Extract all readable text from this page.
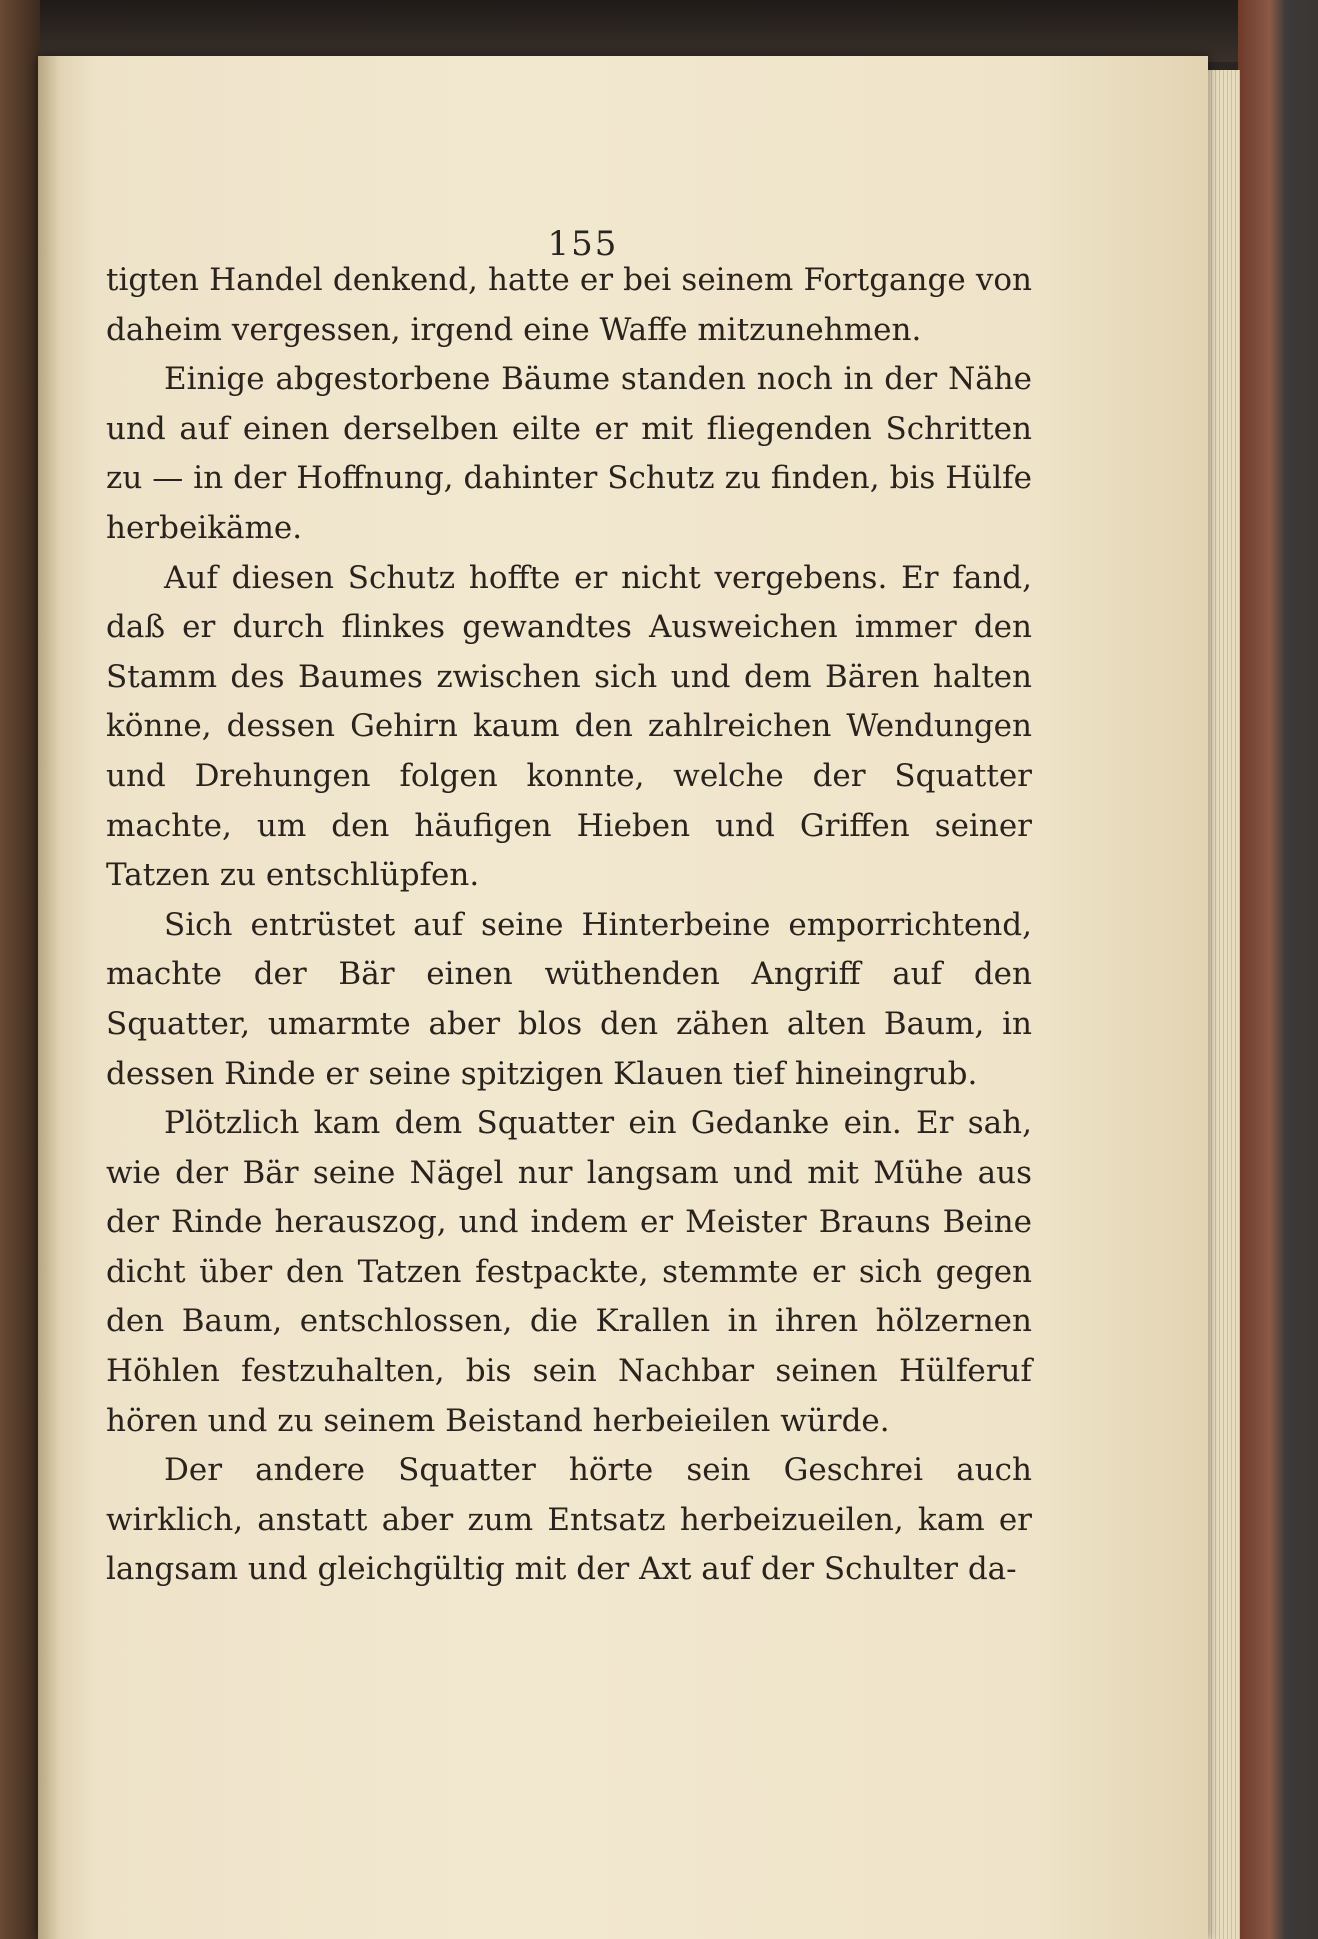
155

tigten Handel denkend, hatte er bei seinem Fortgange von daheim vergessen, irgend eine Waffe mitzunehmen.

Einige abgestorbene Bäume standen noch in der Nähe und auf einen derselben eilte er mit fliegenden Schritten zu — in der Hoffnung, dahinter Schutz zu finden, bis Hülfe herbeikäme.

Auf diesen Schutz hoffte er nicht vergebens. Er fand, daß er durch flinkes gewandtes Ausweichen immer den Stamm des Baumes zwischen sich und dem Bären halten könne, dessen Gehirn kaum den zahlreichen Wendungen und Drehungen folgen konnte, welche der Squatter machte, um den häufigen Hieben und Griffen seiner Tatzen zu entschlüpfen.

Sich entrüstet auf seine Hinterbeine emporrichtend, machte der Bär einen wüthenden Angriff auf den Squatter, umarmte aber blos den zähen alten Baum, in dessen Rinde er seine spitzigen Klauen tief hineingrub.

Plötzlich kam dem Squatter ein Gedanke ein. Er sah, wie der Bär seine Nägel nur langsam und mit Mühe aus der Rinde herauszog, und indem er Meister Brauns Beine dicht über den Tatzen festpackte, stemmte er sich gegen den Baum, entschlossen, die Krallen in ihren hölzernen Höhlen festzuhalten, bis sein Nachbar seinen Hülferuf hören und zu seinem Beistand herbeieilen würde.

Der andere Squatter hörte sein Geschrei auch wirklich, anstatt aber zum Entsatz herbeizueilen, kam er langsam und gleichgültig mit der Axt auf der Schulter da-
